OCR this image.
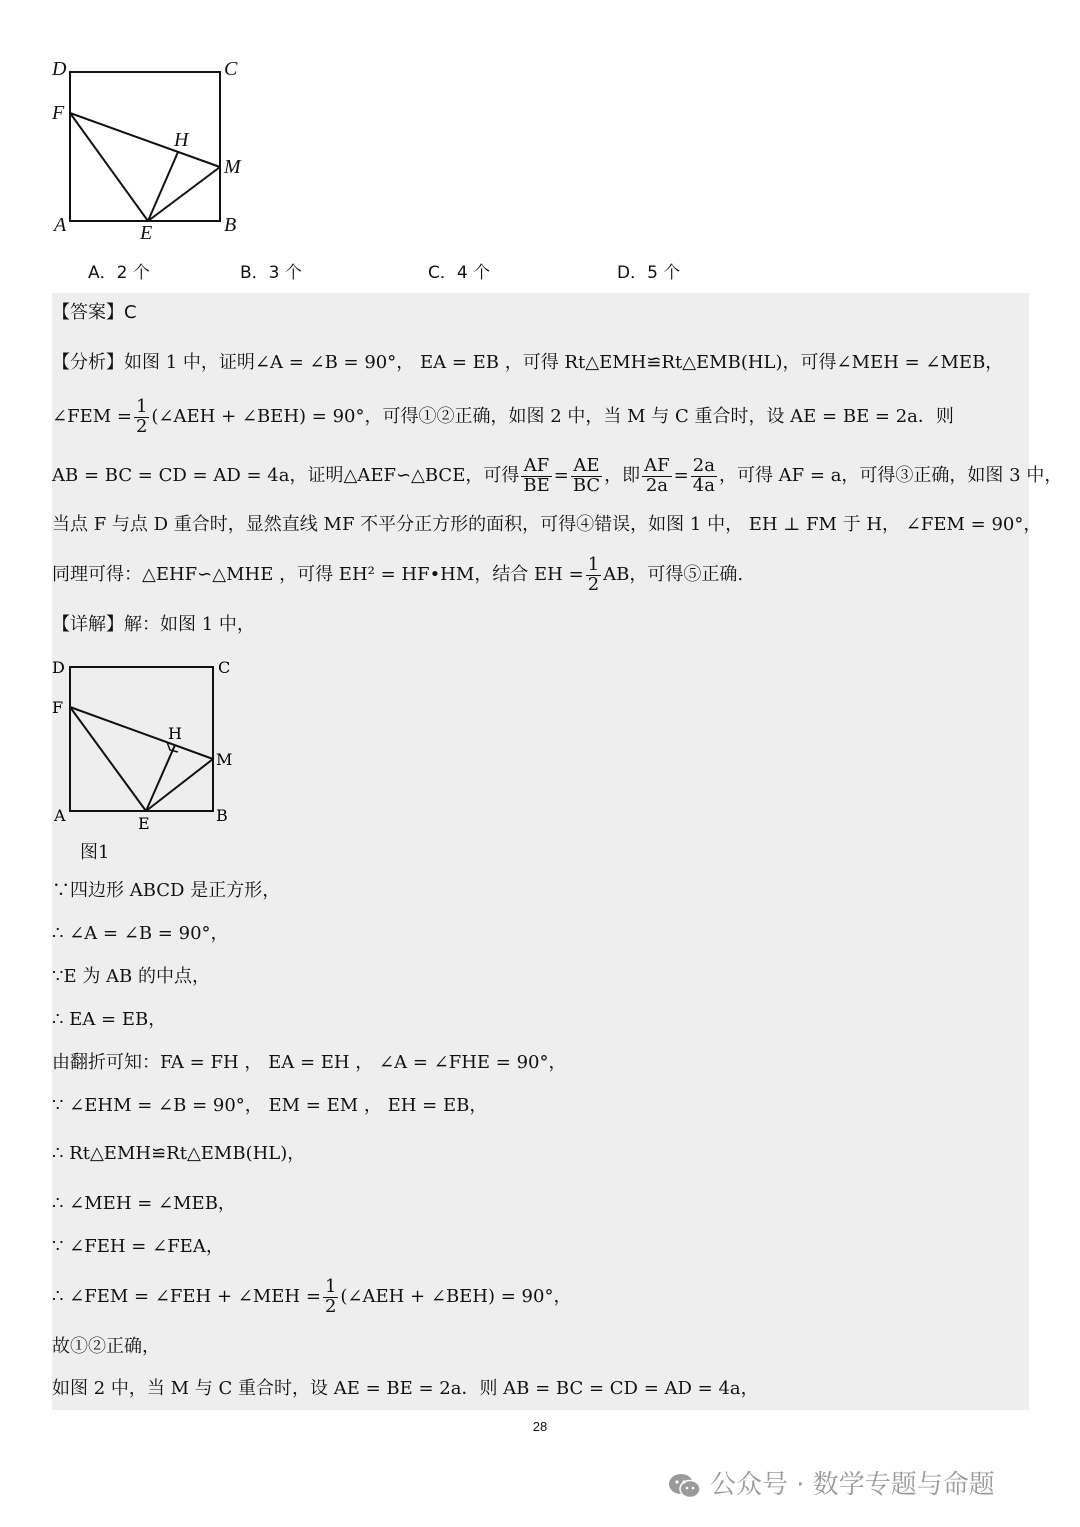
D	C
F
H
M
A	E	B
A．2 个	B．3 个	C．4 个	D．5 个
【答案】C
【分析】如图 1 中，证明∠A = ∠B = 90°， EA = EB ，可得 Rt△EMH≌Rt△EMB(HL)，可得∠MEH = ∠MEB，
∠FEM = $\frac{1}{2}$ (∠AEH + ∠BEH) = 90°，可得①②正确，如图 2 中，当 M 与 C 重合时，设 AE = BE = 2a．则
AB = BC = CD = AD = 4a，证明△AEF∽△BCE，可得 $\frac{AF}{BE} = \frac{AE}{BC}$ ，即 $\frac{AF}{2a} = \frac{2a}{4a}$ ，可得 AF = a，可得③正确，如图 3 中，
当点 F 与点 D 重合时，显然直线 MF 不平分正方形的面积，可得④错误，如图 1 中， EH ⊥ FM 于 H， ∠FEM = 90°，
同理可得：△EHF∽△MHE ，可得 EH² = HF•HM，结合 EH = $\frac{1}{2}$ AB，可得⑤正确.
【详解】解：如图 1 中，
∵四边形 ABCD 是正方形，
∴ ∠A = ∠B = 90°，
∵E 为 AB 的中点，
∴ EA = EB，
由翻折可知：FA = FH ， EA = EH ， ∠A = ∠FHE = 90°，
∵ ∠EHM = ∠B = 90°， EM = EM ， EH = EB，
∴ Rt△EMH≌Rt△EMB(HL)，
∴ ∠MEH = ∠MEB，
∵ ∠FEH = ∠FEA，
∴ ∠FEM = ∠FEH + ∠MEH = $\frac{1}{2}$ (∠AEH + ∠BEH) = 90°，
故①②正确，
如图 2 中，当 M 与 C 重合时，设 AE = BE = 2a．则 AB = BC = CD = AD = 4a，
D	C
F
H
M
A	E	B
图1
28
公众号 · 数学专题与命题
